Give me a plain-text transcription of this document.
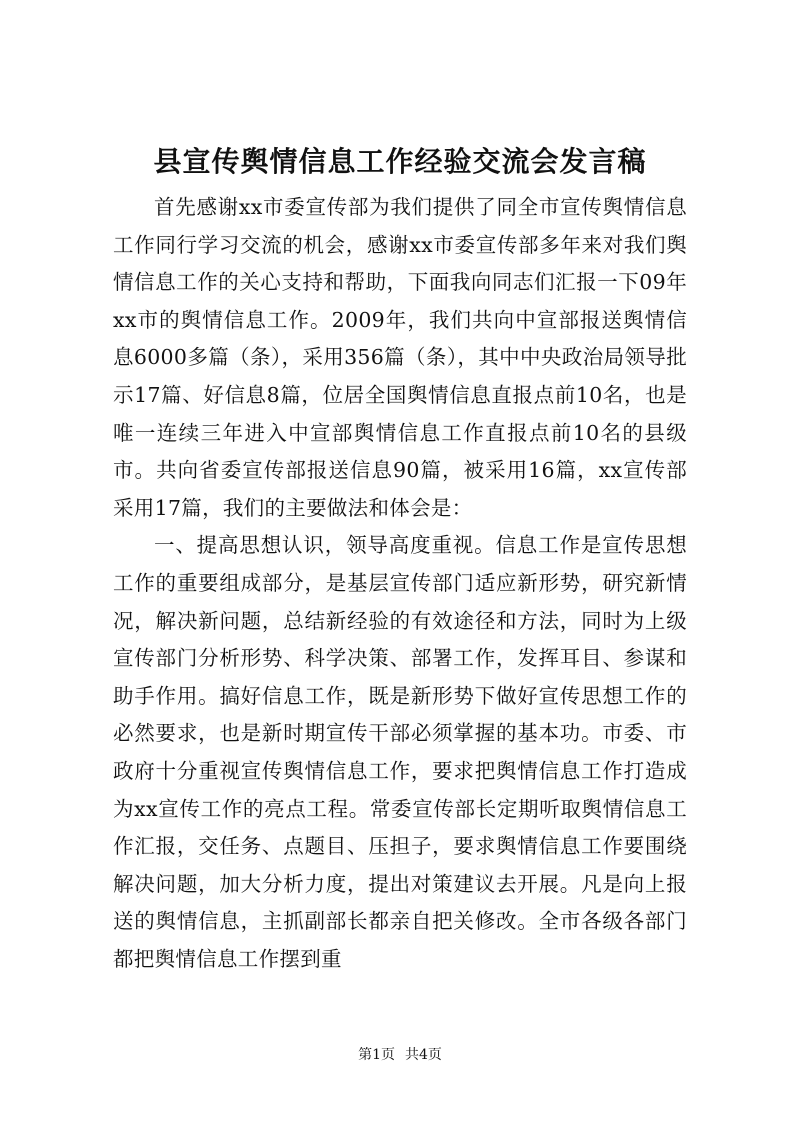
县宣传舆情信息工作经验交流会发言稿

首先感谢xx市委宣传部为我们提供了同全市宣传舆情信息工作同行学习交流的机会，感谢xx市委宣传部多年来对我们舆情信息工作的关心支持和帮助，下面我向同志们汇报一下09年xx市的舆情信息工作。2009年，我们共向中宣部报送舆情信息6000多篇（条），采用356篇（条），其中中央政治局领导批示17篇、好信息8篇，位居全国舆情信息直报点前10名，也是唯一连续三年进入中宣部舆情信息工作直报点前10名的县级市。共向省委宣传部报送信息90篇，被采用16篇，xx宣传部采用17篇，我们的主要做法和体会是：

一、提高思想认识，领导高度重视。信息工作是宣传思想工作的重要组成部分，是基层宣传部门适应新形势，研究新情况，解决新问题，总结新经验的有效途径和方法，同时为上级宣传部门分析形势、科学决策、部署工作，发挥耳目、参谋和助手作用。搞好信息工作，既是新形势下做好宣传思想工作的必然要求，也是新时期宣传干部必须掌握的基本功。市委、市政府十分重视宣传舆情信息工作，要求把舆情信息工作打造成为xx宣传工作的亮点工程。常委宣传部长定期听取舆情信息工作汇报，交任务、点题目、压担子，要求舆情信息工作要围绕解决问题，加大分析力度，提出对策建议去开展。凡是向上报送的舆情信息，主抓副部长都亲自把关修改。全市各级各部门都把舆情信息工作摆到重

第1页 共4页
